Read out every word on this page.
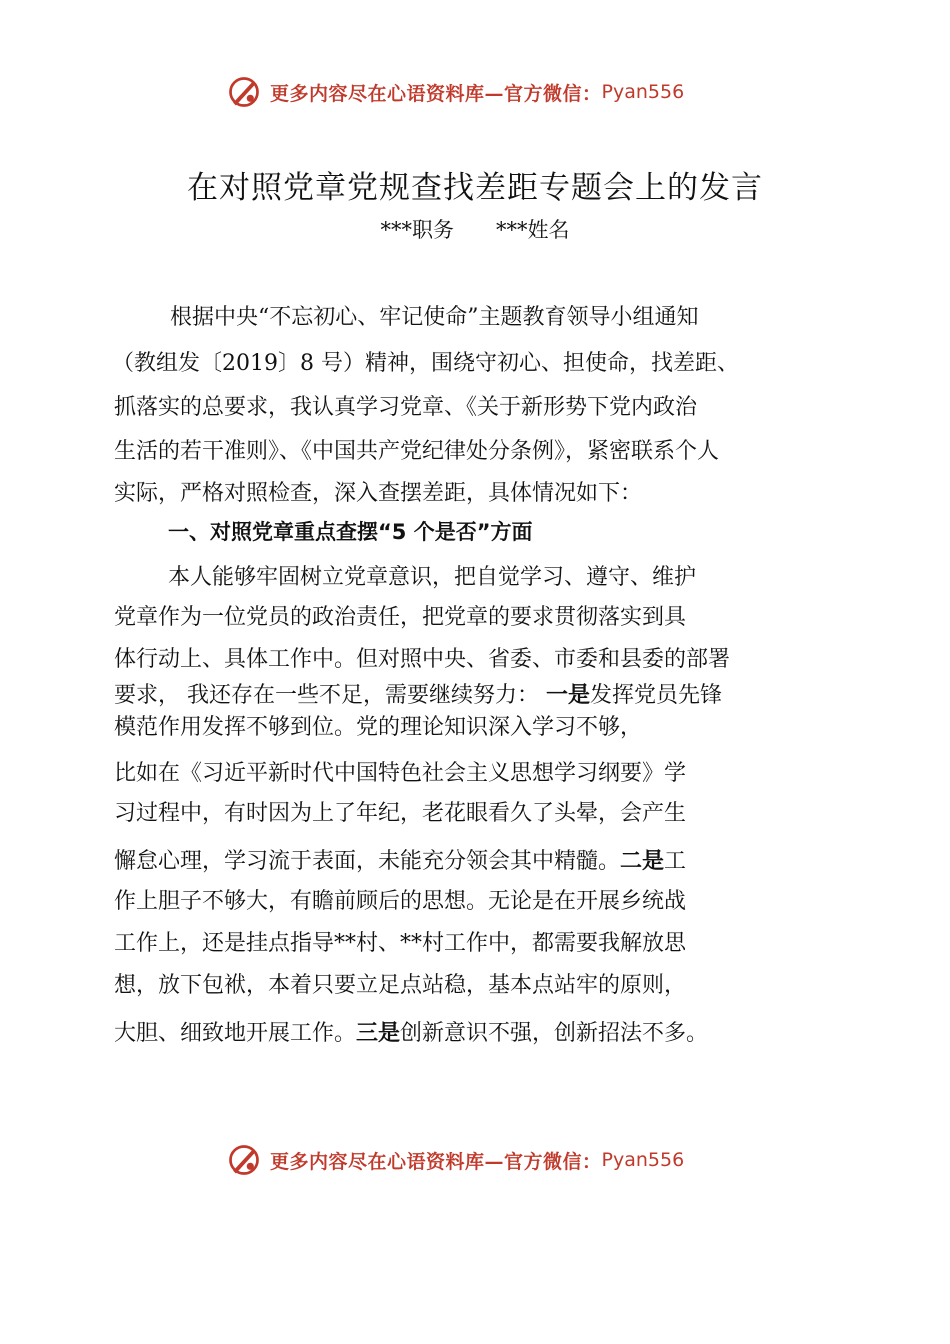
更多内容尽在心语资料库—官方微信： Pyan556
在对照党章党规查找差距专题会上的发言
***职务 ***姓名
根据中央“不忘初心、牢记使命”主题教育领导小组通知
（教组发〔2019〕8 号）精神，围绕守初心、担使命，找差距、
抓落实的总要求，我认真学习党章、《关于新形势下党内政治
生活的若干准则》、《中国共产党纪律处分条例》，紧密联系个人
实际，严格对照检查，深入查摆差距，具体情况如下：
一、对照党章重点查摆“5 个是否”方面
本人能够牢固树立党章意识，把自觉学习、遵守、维护
党章作为一位党员的政治责任，把党章的要求贯彻落实到具
体行动上、具体工作中。但对照中央、省委、市委和县委的部署
要求， 我还存在一些不足，需要继续努力： 一是发挥党员先锋
模范作用发挥不够到位。党的理论知识深入学习不够，
比如在《习近平新时代中国特色社会主义思想学习纲要》学
习过程中，有时因为上了年纪，老花眼看久了头晕，会产生
懈怠心理，学习流于表面，未能充分领会其中精髓。二是工
作上胆子不够大，有瞻前顾后的思想。无论是在开展乡统战
工作上，还是挂点指导**村、**村工作中，都需要我解放思
想，放下包袱，本着只要立足点站稳，基本点站牢的原则，
大胆、细致地开展工作。三是创新意识不强，创新招法不多。
更多内容尽在心语资料库—官方微信： Pyan556
